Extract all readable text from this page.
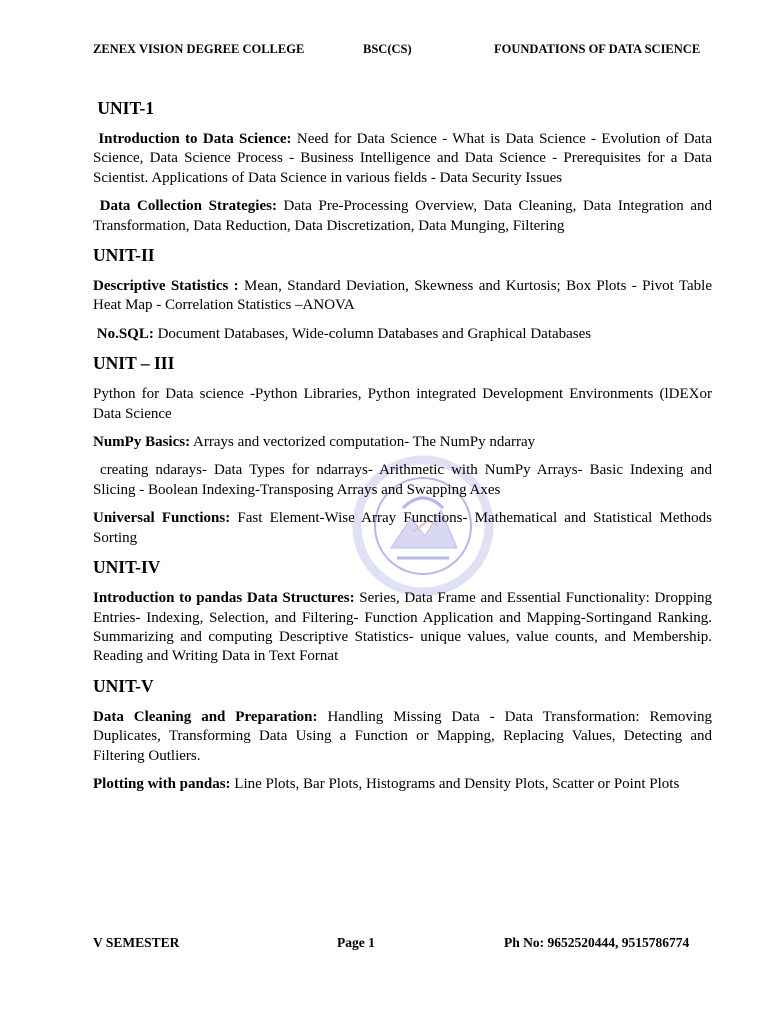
ZENEX VISION DEGREE COLLEGE	BSC(CS)	FOUNDATIONS OF DATA SCIENCE
UNIT-1

Introduction to Data Science: Need for Data Science - What is Data Science - Evolution of Data Science, Data Science Process - Business Intelligence and Data Science - Prerequisites for a Data Scientist. Applications of Data Science in various fields - Data Security Issues

Data Collection Strategies: Data Pre-Processing Overview, Data Cleaning, Data Integration and Transformation, Data Reduction, Data Discretization, Data Munging, Filtering

UNIT-II

Descriptive Statistics : Mean, Standard Deviation, Skewness and Kurtosis; Box Plots - Pivot Table Heat Map - Correlation Statistics –ANOVA

No.SQL: Document Databases, Wide-column Databases and Graphical Databases

UNIT – III

Python for Data science -Python Libraries, Python integrated Development Environments (lDEXor Data Science

NumPy Basics: Arrays and vectorized computation- The NumPy ndarray

creating ndarays- Data Types for ndarrays- Arithmetic with NumPy Arrays- Basic Indexing and Slicing - Boolean Indexing-Transposing Arrays and Swapping Axes

Universal Functions: Fast Element-Wise Array Functions- Mathematical and Statistical Methods Sorting

UNIT-IV

Introduction to pandas Data Structures: Series, Data Frame and Essential Functionality: Dropping Entries- Indexing, Selection, and Filtering- Function Application and Mapping-Sortingand Ranking. Summarizing and computing Descriptive Statistics- unique values, value counts, and Membership. Reading and Writing Data in Text Fornat

UNIT-V

Data Cleaning and Preparation: Handling Missing Data - Data Transformation: Removing Duplicates, Transforming Data Using a Function or Mapping, Replacing Values, Detecting and Filtering Outliers.

Plotting with pandas: Line Plots, Bar Plots, Histograms and Density Plots, Scatter or Point Plots

V SEMESTER	Page 1	Ph No: 9652520444, 9515786774
